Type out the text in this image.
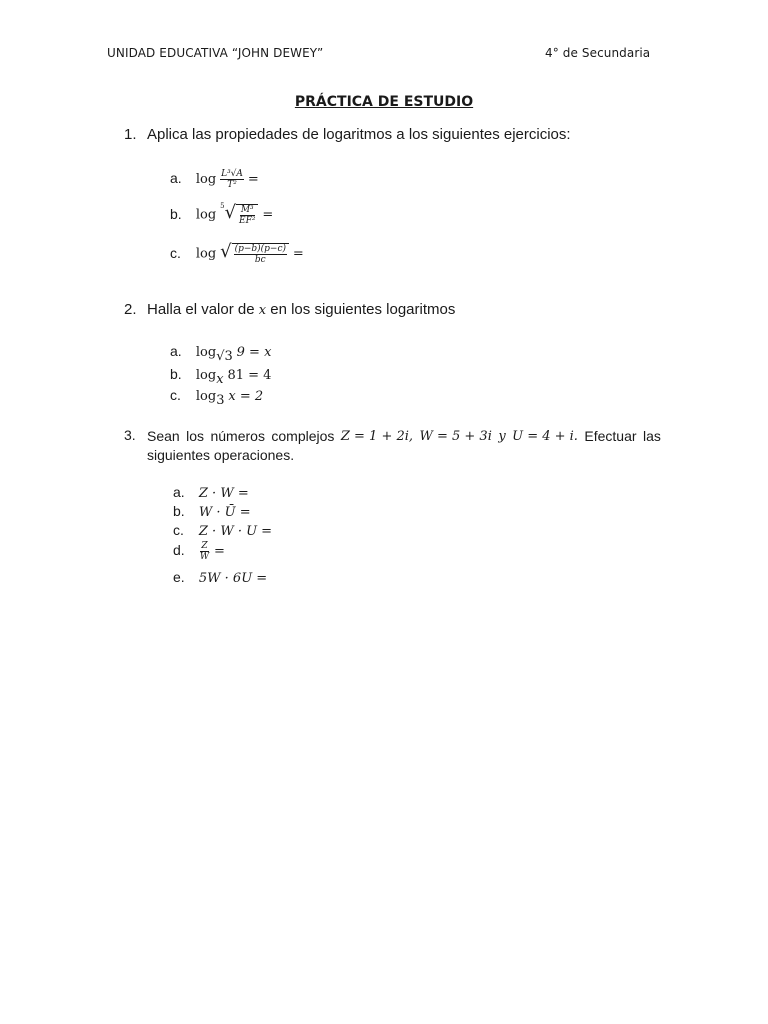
UNIDAD EDUCATIVA “JOHN DEWEY”	4° de Secundaria
PRÁCTICA DE ESTUDIO
1. Aplica las propiedades de logaritmos a los siguientes ejercicios:
a. $\log \frac{\text{L³√A}}{\text{T²}}$ =
b. log $^5$ √ $\frac{\text{M³}}{\text{EF²}}$ =
c. log √ $\frac{(p-b)(p-c)}{bc}$ =
2. Halla el valor de x en los siguientes logaritmos
a. $\log_{√3} 9 = x$
b. $\log_x 81 = 4$
c. $\log_3 x = 2$
3. Sean los números complejos Z = 1 + 2i, W = 5 + 3i y U = 4 + i. Efectuar las
siguientes operaciones.
a. Z · W =
b. W · Ū =
c. Z · W · U =
d. $\frac{Z}{W}$ =
e. 5W · 6U =
